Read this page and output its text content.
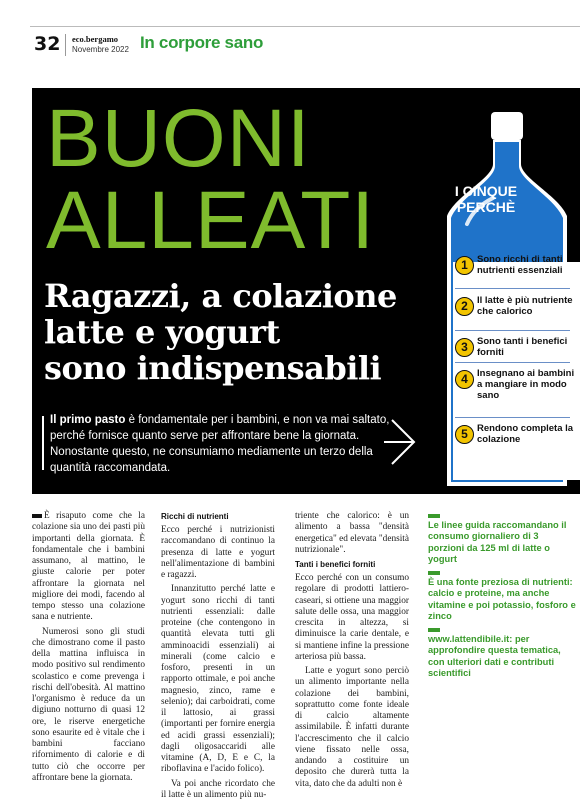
32 eco.bergamo
Novembre 2022 In corpore sano
BUONI
ALLEATI
Ragazzi, a colazione
latte e yogurt
sono indispensabili
Il primo pasto è fondamentale per i bambini, e non va mai saltato, perché fornisce quanto serve per affrontare bene la giornata. Nonostante questo, ne consumiamo mediamente un terzo della quantità raccomandata.
I CINQUE
PERCHÈ
1 Sono ricchi di tanti nutrienti essenziali
2 Il latte è più nutriente che calorico
3 Sono tanti i benefici forniti
4 Insegnano ai bambini a mangiare in modo sano
5 Rendono completa la colazione

È risaputo come che la colazione sia uno dei pasti più importanti della giornata. È fondamentale che i bambini assumano, al mattino, le giuste calorie per poter affrontare la giornata nel migliore dei modi, facendo al tempo stesso una colazione sana e nutriente.

Numerosi sono gli studi che dimostrano come il pasto della mattina influisca in modo positivo sul rendimento scolastico e come prevenga i rischi dell'obesità. Al mattino l'organismo è reduce da un digiuno notturno di quasi 12 ore, le riserve energetiche sono esaurite ed è vitale che i bambini facciano rifornimento di calorie e di tutto ciò che occorre per affrontare bene la giornata.

Ricchi di nutrienti

Ecco perché i nutrizionisti raccomandano di continuo la presenza di latte e yogurt nell'alimentazione di bambini e ragazzi.

Innanzitutto perché latte e yogurt sono ricchi di tanti nutrienti essenziali: dalle proteine (che contengono in quantità elevata tutti gli amminoacidi essenziali) ai minerali (come calcio e fosforo, presenti in un rapporto ottimale, e poi anche magnesio, zinco, rame e selenio); dai carboidrati, come il lattosio, ai grassi (importanti per fornire energia ed acidi grassi essenziali); dagli oligosaccaridi alle vitamine (A, D, E e C, la riboflavina e l'acido folico).

Va poi anche ricordato che il latte è un alimento più nu-

triente che calorico: è un alimento a bassa "densità energetica" ed elevata "densità nutrizionale".

Tanti i benefici forniti

Ecco perché con un consumo regolare di prodotti lattiero-caseari, si ottiene una maggior salute delle ossa, una maggior crescita in altezza, si diminuisce la carie dentale, e si mantiene infine la pressione arteriosa più bassa.

Latte e yogurt sono perciò un alimento importante nella colazione dei bambini, soprattutto come fonte ideale di calcio altamente assimilabile. È infatti durante l'accrescimento che il calcio viene fissato nelle ossa, andando a costituire un deposito che durerà tutta la vita, dato che da adulti non è

Le linee guida raccomandano il consumo giornaliero di 3 porzioni da 125 ml di latte o yogurt

È una fonte preziosa di nutrienti: calcio e proteine, ma anche vitamine e poi potassio, fosforo e zinco

www.lattendibile.it: per approfondire questa tematica, con ulteriori dati e contributi scientifici
